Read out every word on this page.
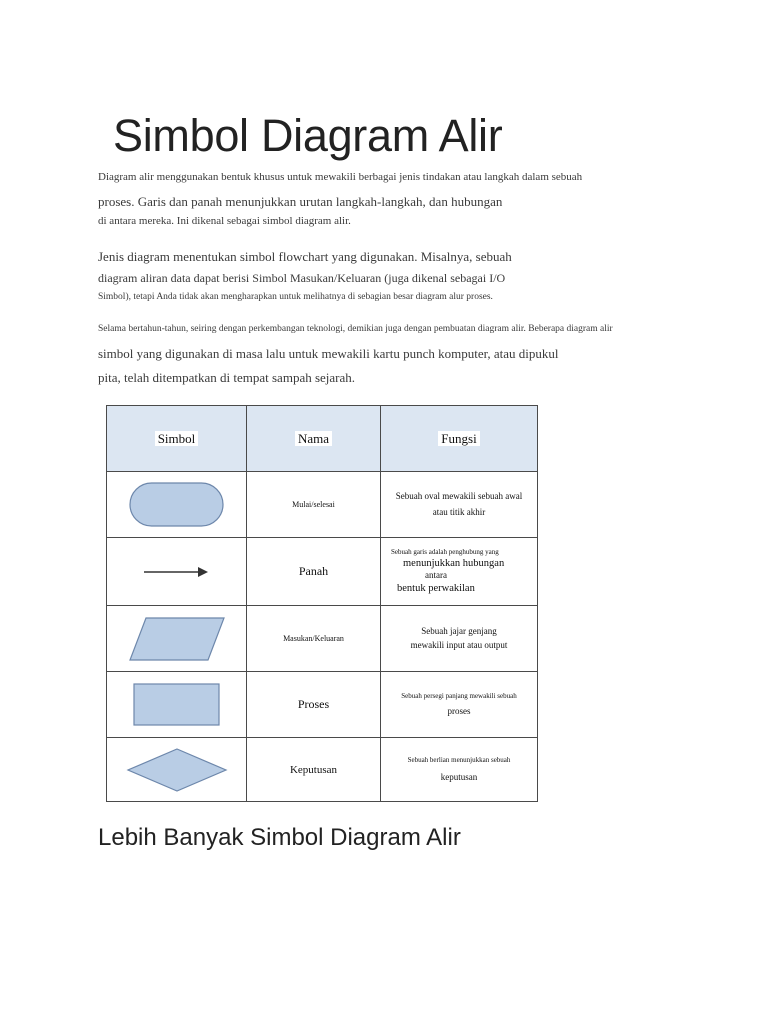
Simbol Diagram Alir

Diagram alir menggunakan bentuk khusus untuk mewakili berbagai jenis tindakan atau langkah dalam sebuah

proses. Garis dan panah menunjukkan urutan langkah-langkah, dan hubungan

di antara mereka. Ini dikenal sebagai simbol diagram alir.

Jenis diagram menentukan simbol flowchart yang digunakan. Misalnya, sebuah

diagram aliran data dapat berisi Simbol Masukan/Keluaran (juga dikenal sebagai I/O

Simbol), tetapi Anda tidak akan mengharapkan untuk melihatnya di sebagian besar diagram alur proses.

Selama bertahun-tahun, seiring dengan perkembangan teknologi, demikian juga dengan pembuatan diagram alir. Beberapa diagram alir

simbol yang digunakan di masa lalu untuk mewakili kartu punch komputer, atau dipukul

pita, telah ditempatkan di tempat sampah sejarah.

Simbol	Nama	Fungsi

	Mulai/selesai	Sebuah oval mewakili sebuah awal
atau titik akhir

	Panah	Sebuah garis adalah penghubung yang
menunjukkan hubungan
antara
bentuk perwakilan

	Masukan/Keluaran	Sebuah jajar genjang
mewakili input atau output

	Proses	Sebuah persegi panjang mewakili sebuah
proses

	Keputusan	Sebuah berlian menunjukkan sebuah
keputusan
Lebih Banyak Simbol Diagram Alir
